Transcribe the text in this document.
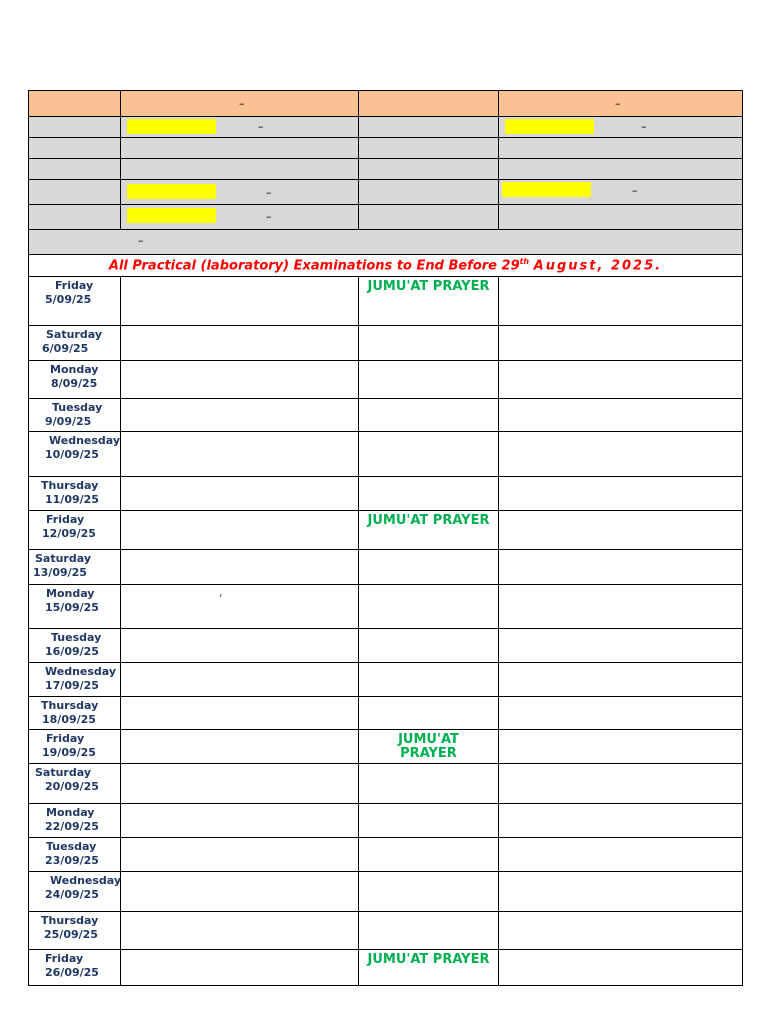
	–		–

	–		–

	–		–

	–		

–			

All Practical (laboratory) Examinations to End Before 29th August, 2025.			

Friday
5/09/25		JUMU'AT PRAYER	

Saturday
6/09/25			

Monday
8/09/25			

Tuesday
9/09/25			

Wednesday
10/09/25			

Thursday
11/09/25			

Friday
12/09/25		JUMU'AT PRAYER	

Saturday
13/09/25			

Monday
15/09/25	,		

Tuesday
16/09/25			

Wednesday
17/09/25			

Thursday
18/09/25			

Friday
19/09/25		JUMU'AT PRAYER	

Saturday
20/09/25			

Monday
22/09/25			

Tuesday
23/09/25			

Wednesday
24/09/25			

Thursday
25/09/25			

Friday
26/09/25		JUMU'AT PRAYER	
